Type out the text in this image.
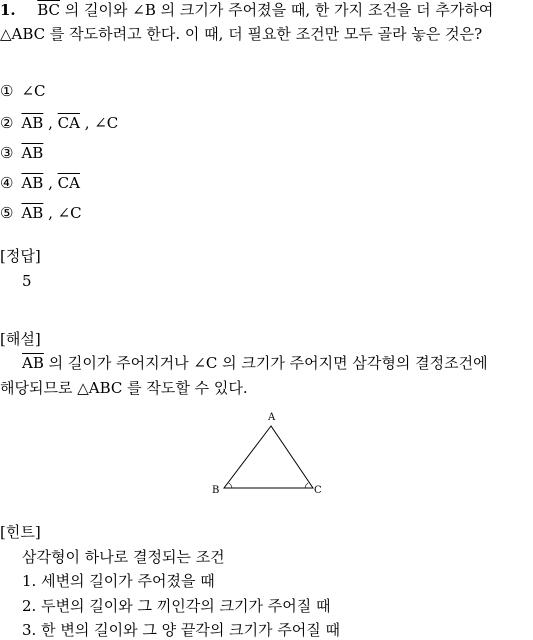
1. $\overline{BC}$ 의 길이와 ∠B 의 크기가 주어졌을 때, 한 가지 조건을 더 추가하여
△ABC 를 작도하려고 한다. 이 때, 더 필요한 조건만 모두 골라 놓은 것은?
① ∠C
② $\overline{AB}$ , $\overline{CA}$ , ∠C
③ $\overline{AB}$
④ $\overline{AB}$ , $\overline{CA}$
⑤ $\overline{AB}$ , ∠C
[정답]
5
[해설]
$\overline{AB}$ 의 길이가 주어지거나 ∠C 의 크기가 주어지면 삼각형의 결정조건에
해당되므로 △ABC 를 작도할 수 있다.
A
B	C
[힌트]
삼각형이 하나로 결정되는 조건
1. 세변의 길이가 주어졌을 때
2. 두변의 길이와 그 끼인각의 크기가 주어질 때
3. 한 변의 길이와 그 양 끝각의 크기가 주어질 때
